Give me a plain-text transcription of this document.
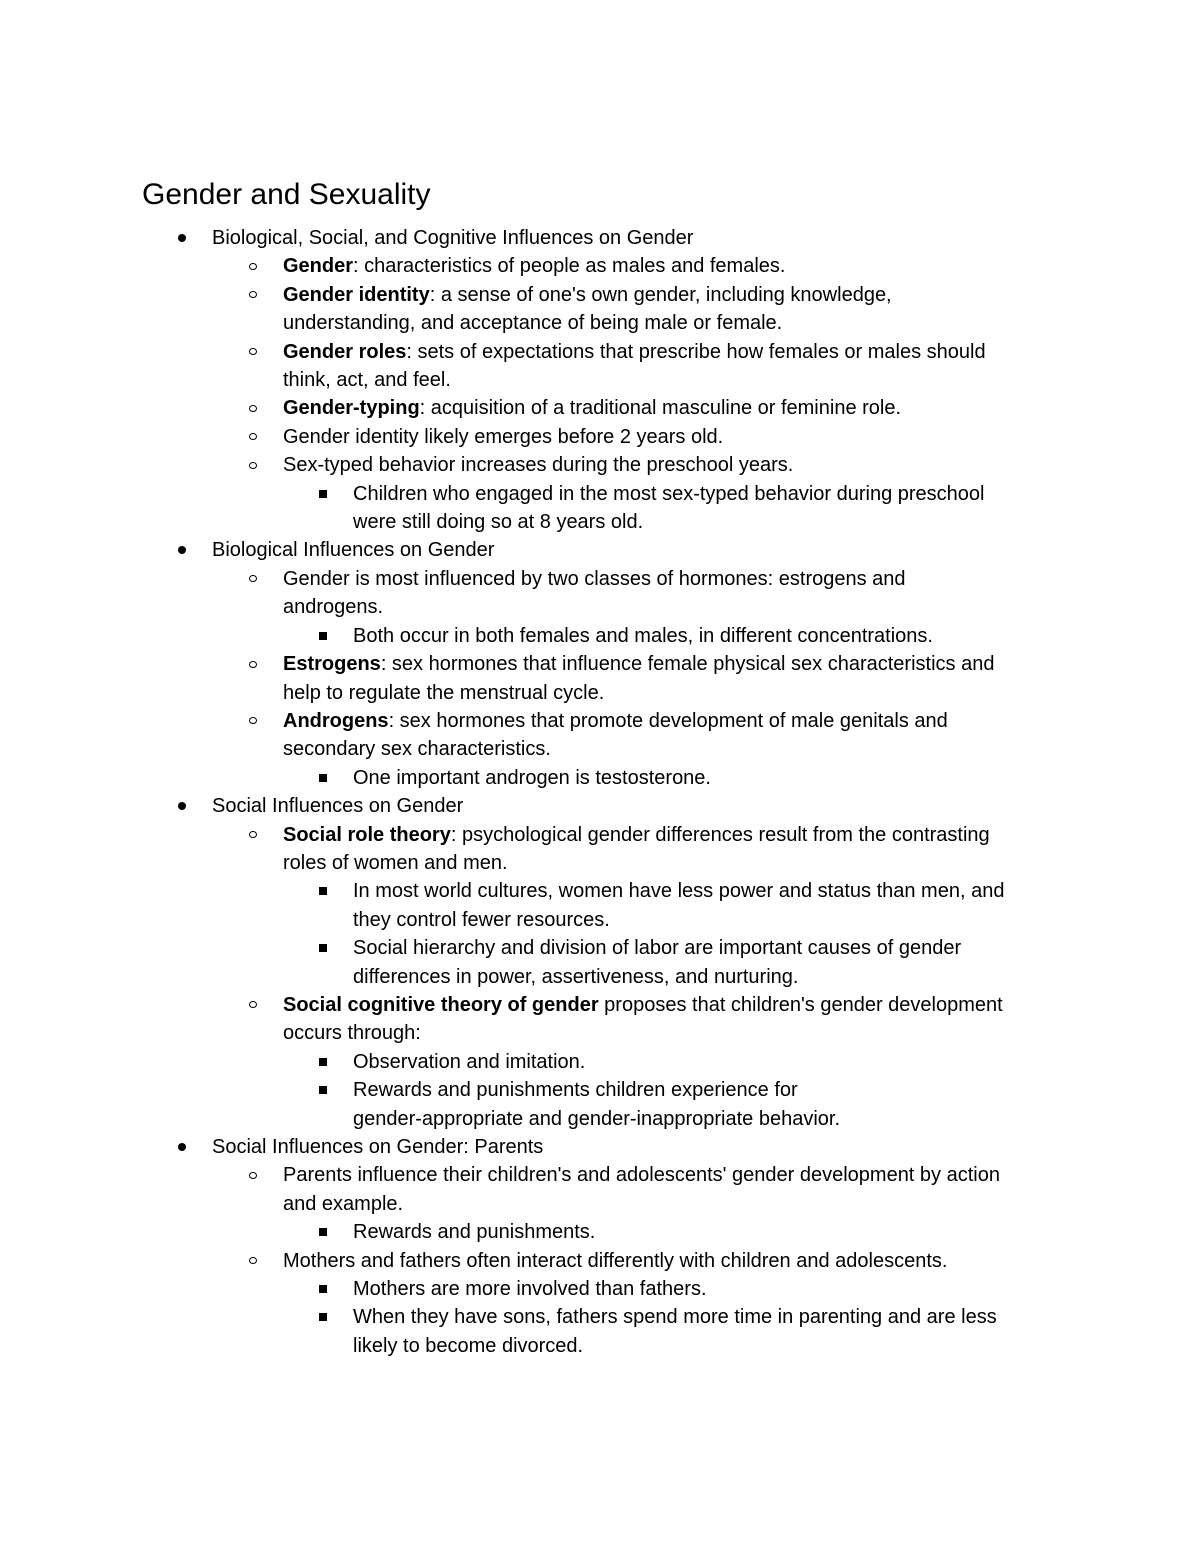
Gender and Sexuality
Biological, Social, and Cognitive Influences on Gender
Gender: characteristics of people as males and females.
Gender identity: a sense of one's own gender, including knowledge,
understanding, and acceptance of being male or female.
Gender roles: sets of expectations that prescribe how females or males should
think, act, and feel.
Gender-typing: acquisition of a traditional masculine or feminine role.
Gender identity likely emerges before 2 years old.
Sex-typed behavior increases during the preschool years.
Children who engaged in the most sex-typed behavior during preschool
were still doing so at 8 years old.
Biological Influences on Gender
Gender is most influenced by two classes of hormones: estrogens and
androgens.
Both occur in both females and males, in different concentrations.
Estrogens: sex hormones that influence female physical sex characteristics and
help to regulate the menstrual cycle.
Androgens: sex hormones that promote development of male genitals and
secondary sex characteristics.
One important androgen is testosterone.
Social Influences on Gender
Social role theory: psychological gender differences result from the contrasting
roles of women and men.
In most world cultures, women have less power and status than men, and
they control fewer resources.
Social hierarchy and division of labor are important causes of gender
differences in power, assertiveness, and nurturing.
Social cognitive theory of gender proposes that children's gender development
occurs through:
Observation and imitation.
Rewards and punishments children experience for
gender-appropriate and gender-inappropriate behavior.
Social Influences on Gender: Parents
Parents influence their children's and adolescents' gender development by action
and example.
Rewards and punishments.
Mothers and fathers often interact differently with children and adolescents.
Mothers are more involved than fathers.
When they have sons, fathers spend more time in parenting and are less
likely to become divorced.
